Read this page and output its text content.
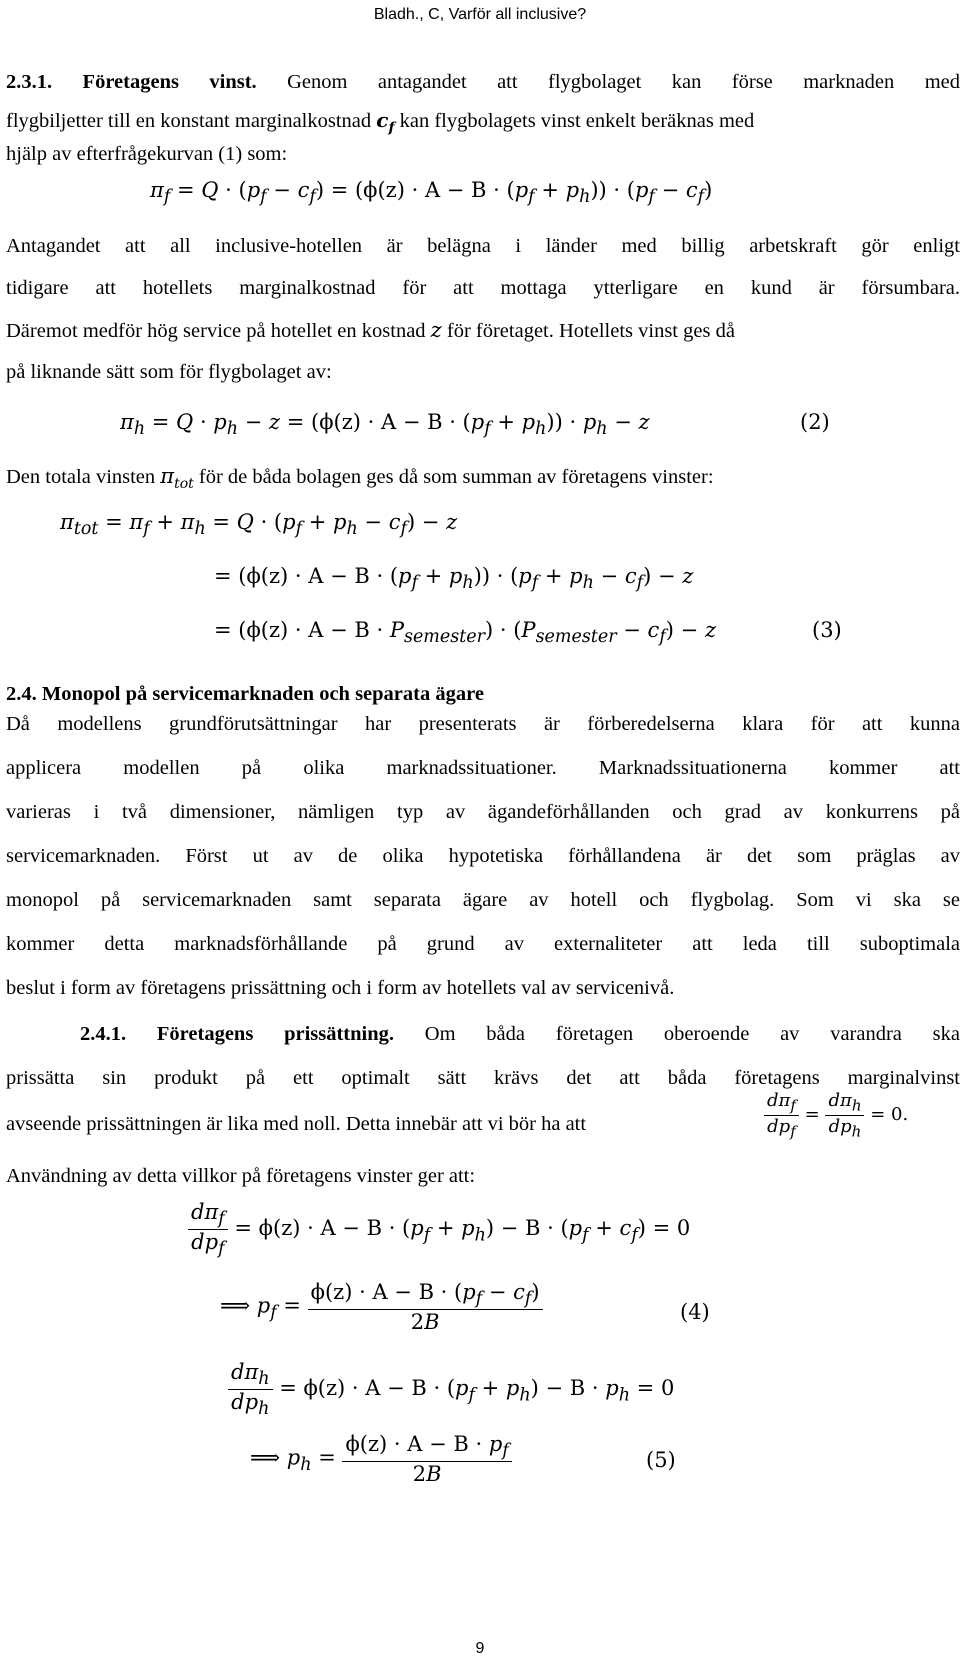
Bladh., C, Varför all inclusive?
2.3.1. Företagens vinst. Genom antagandet att flygbolaget kan förse marknaden med
flygbiljetter till en konstant marginalkostnad $c_f$ kan flygbolagets vinst enkelt beräknas med
hjälp av efterfrågekurvan (1) som:
$\pi_f = Q \cdot (p_f - c_f) = (\phi(z) \cdot A - B \cdot (p_f + p_h)) \cdot (p_f - c_f)$
Antagandet att all inclusive-hotellen är belägna i länder med billig arbetskraft gör enligt
tidigare att hotellets marginalkostnad för att mottaga ytterligare en kund är försumbara.
Däremot medför hög service på hotellet en kostnad z för företaget. Hotellets vinst ges då
på liknande sätt som för flygbolaget av:
$\pi_h = Q \cdot p_h - z = (\phi(z) \cdot A - B \cdot (p_f + p_h)) \cdot p_h - z$	(2)
Den totala vinsten $\pi_{tot}$ för de båda bolagen ges då som summan av företagens vinster:
$\pi_{tot} = \pi_f + \pi_h = Q \cdot (p_f + p_h - c_f) - z$
= $(\phi(z) \cdot A - B \cdot (p_f + p_h)) \cdot (p_f + p_h - c_f) - z$
= $(\phi(z) \cdot A - B \cdot P_{semester}) \cdot (P_{semester} - c_f) - z$	(3)
2.4. Monopol på servicemarknaden och separata ägare
Då modellens grundförutsättningar har presenterats är förberedelserna klara för att kunna
applicera modellen på olika marknadssituationer. Marknadssituationerna kommer att
varieras i två dimensioner, nämligen typ av ägandeförhållanden och grad av konkurrens på
servicemarknaden. Först ut av de olika hypotetiska förhållandena är det som präglas av
monopol på servicemarknaden samt separata ägare av hotell och flygbolag. Som vi ska se
kommer detta marknadsförhållande på grund av externaliteter att leda till suboptimala
beslut i form av företagens prissättning och i form av hotellets val av servicenivå.
2.4.1. Företagens prissättning. Om båda företagen oberoende av varandra ska
prissätta sin produkt på ett optimalt sätt krävs det att båda företagens marginalvinst
avseende prissättningen är lika med noll. Detta innebär att vi bör ha att	$\frac{d\pi_f}{dp_f} = \frac{d\pi_h}{dp_h} = 0$.
Användning av detta villkor på företagens vinster ger att:
$\frac{d\pi_f}{dp_f} = \phi(z) \cdot A - B \cdot (p_f + p_h) - B \cdot (p_f + c_f) = 0$
⟹ $p_f = \frac{\phi(z) \cdot A - B \cdot (p_f - c_f)}{2B}$	(4)
$\frac{d\pi_h}{dp_h} = \phi(z) \cdot A - B \cdot (p_f + p_h) - B \cdot p_h = 0$
⟹ $p_h = \frac{\phi(z) \cdot A - B \cdot p_f}{2B}$	(5)
9
